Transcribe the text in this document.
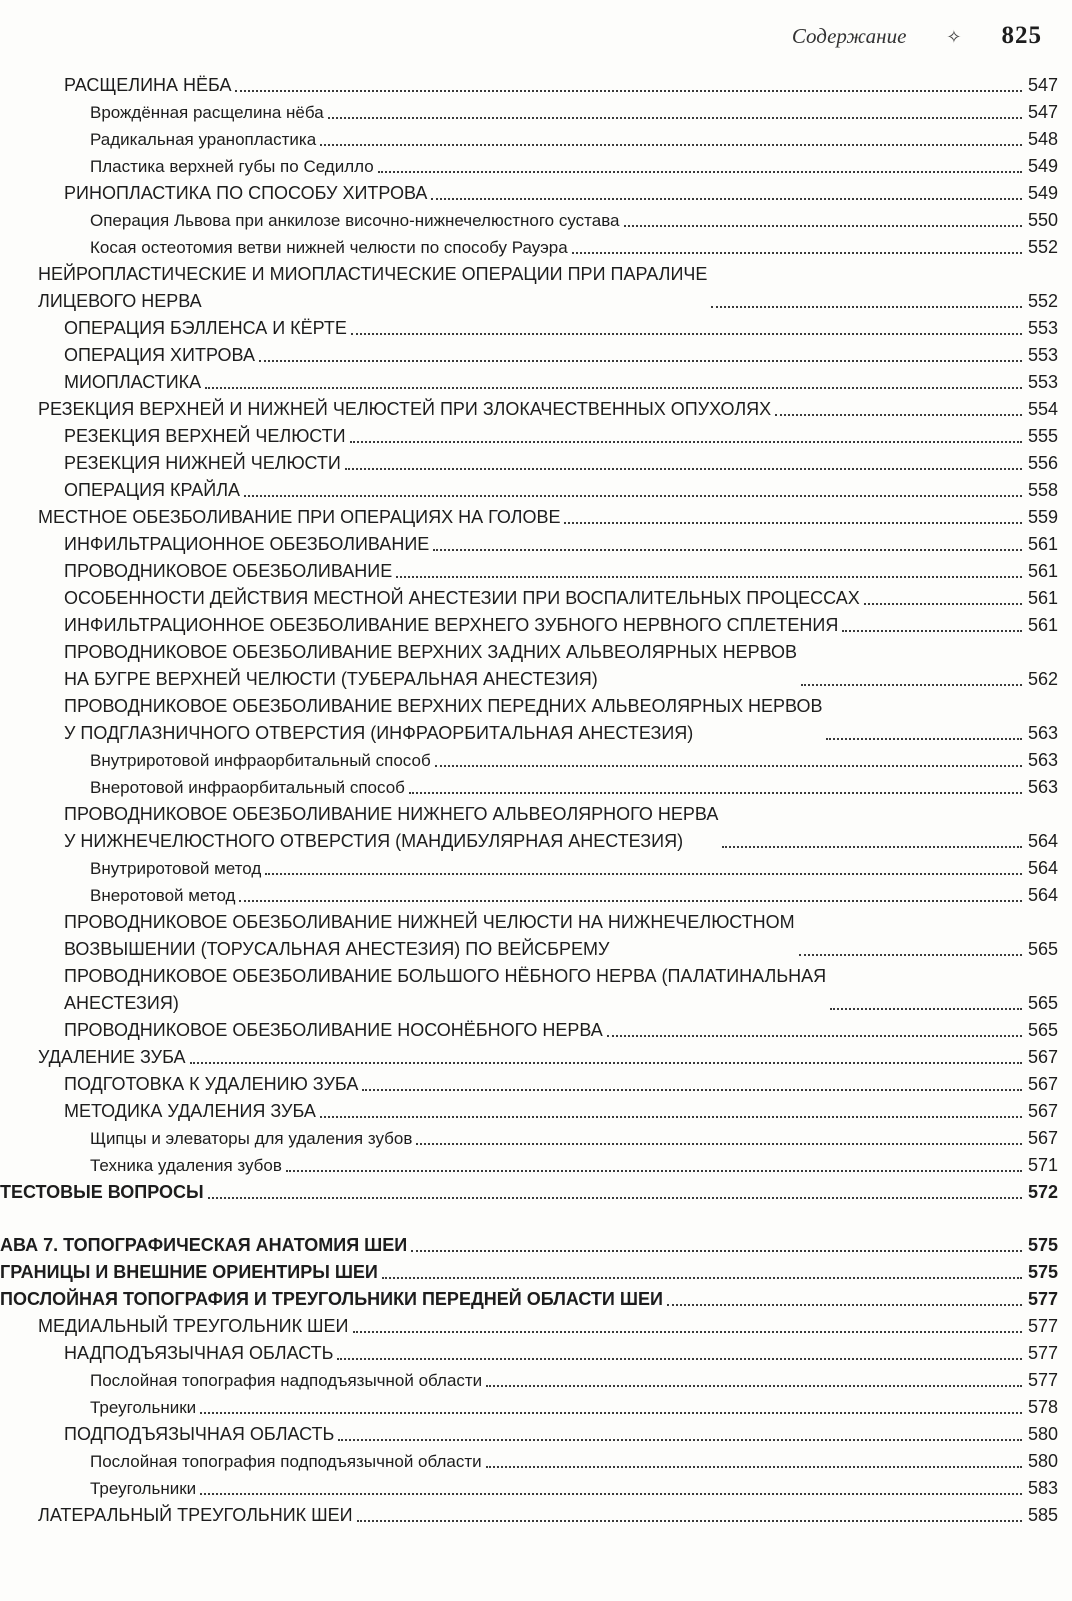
Содержание ✧ 825
РАСЩЕЛИНА НЁБА	547
Врождённая расщелина нёба	547
Радикальная уранопластика	548
Пластика верхней губы по Седилло	549
РИНОПЛАСТИКА ПО СПОСОБУ ХИТРОВА	549
Операция Львова при анкилозе височно-нижнечелюстного сустава	550
Косая остеотомия ветви нижней челюсти по способу Рауэра	552
НЕЙРОПЛАСТИЧЕСКИЕ И МИОПЛАСТИЧЕСКИЕ ОПЕРАЦИИ ПРИ ПАРАЛИЧЕ
ЛИЦЕВОГО НЕРВА	552
ОПЕРАЦИЯ БЭЛЛЕНСА И КЁРТЕ	553
ОПЕРАЦИЯ ХИТРОВА	553
МИОПЛАСТИКА	553
РЕЗЕКЦИЯ ВЕРХНЕЙ И НИЖНЕЙ ЧЕЛЮСТЕЙ ПРИ ЗЛОКАЧЕСТВЕННЫХ ОПУХОЛЯХ	554
РЕЗЕКЦИЯ ВЕРХНЕЙ ЧЕЛЮСТИ	555
РЕЗЕКЦИЯ НИЖНЕЙ ЧЕЛЮСТИ	556
ОПЕРАЦИЯ КРАЙЛА	558
МЕСТНОЕ ОБЕЗБОЛИВАНИЕ ПРИ ОПЕРАЦИЯХ НА ГОЛОВЕ	559
ИНФИЛЬТРАЦИОННОЕ ОБЕЗБОЛИВАНИЕ	561
ПРОВОДНИКОВОЕ ОБЕЗБОЛИВАНИЕ	561
ОСОБЕННОСТИ ДЕЙСТВИЯ МЕСТНОЙ АНЕСТЕЗИИ ПРИ ВОСПАЛИТЕЛЬНЫХ ПРОЦЕССАХ	561
ИНФИЛЬТРАЦИОННОЕ ОБЕЗБОЛИВАНИЕ ВЕРХНЕГО ЗУБНОГО НЕРВНОГО СПЛЕТЕНИЯ	561
ПРОВОДНИКОВОЕ ОБЕЗБОЛИВАНИЕ ВЕРХНИХ ЗАДНИХ АЛЬВЕОЛЯРНЫХ НЕРВОВ
НА БУГРЕ ВЕРХНЕЙ ЧЕЛЮСТИ (ТУБЕРАЛЬНАЯ АНЕСТЕЗИЯ)	562
ПРОВОДНИКОВОЕ ОБЕЗБОЛИВАНИЕ ВЕРХНИХ ПЕРЕДНИХ АЛЬВЕОЛЯРНЫХ НЕРВОВ
У ПОДГЛАЗНИЧНОГО ОТВЕРСТИЯ (ИНФРАОРБИТАЛЬНАЯ АНЕСТЕЗИЯ)	563
Внутриротовой инфраорбитальный способ	563
Внеротовой инфраорбитальный способ	563
ПРОВОДНИКОВОЕ ОБЕЗБОЛИВАНИЕ НИЖНЕГО АЛЬВЕОЛЯРНОГО НЕРВА
У НИЖНЕЧЕЛЮСТНОГО ОТВЕРСТИЯ (МАНДИБУЛЯРНАЯ АНЕСТЕЗИЯ)	564
Внутриротовой метод	564
Внеротовой метод	564
ПРОВОДНИКОВОЕ ОБЕЗБОЛИВАНИЕ НИЖНЕЙ ЧЕЛЮСТИ НА НИЖНЕЧЕЛЮСТНОМ
ВОЗВЫШЕНИИ (ТОРУСАЛЬНАЯ АНЕСТЕЗИЯ) ПО ВЕЙСБРЕМУ	565
ПРОВОДНИКОВОЕ ОБЕЗБОЛИВАНИЕ БОЛЬШОГО НЁБНОГО НЕРВА (ПАЛАТИНАЛЬНАЯ
АНЕСТЕЗИЯ)	565
ПРОВОДНИКОВОЕ ОБЕЗБОЛИВАНИЕ НОСОНЁБНОГО НЕРВА	565
УДАЛЕНИЕ ЗУБА	567
ПОДГОТОВКА К УДАЛЕНИЮ ЗУБА	567
МЕТОДИКА УДАЛЕНИЯ ЗУБА	567
Щипцы и элеваторы для удаления зубов	567
Техника удаления зубов	571
ТЕСТОВЫЕ ВОПРОСЫ	572
АВА 7. ТОПОГРАФИЧЕСКАЯ АНАТОМИЯ ШЕИ	575
ГРАНИЦЫ И ВНЕШНИЕ ОРИЕНТИРЫ ШЕИ	575
ПОСЛОЙНАЯ ТОПОГРАФИЯ И ТРЕУГОЛЬНИКИ ПЕРЕДНЕЙ ОБЛАСТИ ШЕИ	577
МЕДИАЛЬНЫЙ ТРЕУГОЛЬНИК ШЕИ	577
НАДПОДЪЯЗЫЧНАЯ ОБЛАСТЬ	577
Послойная топография надподъязычной области	577
Треугольники	578
ПОДПОДЪЯЗЫЧНАЯ ОБЛАСТЬ	580
Послойная топография подподъязычной области	580
Треугольники	583
ЛАТЕРАЛЬНЫЙ ТРЕУГОЛЬНИК ШЕИ	585
